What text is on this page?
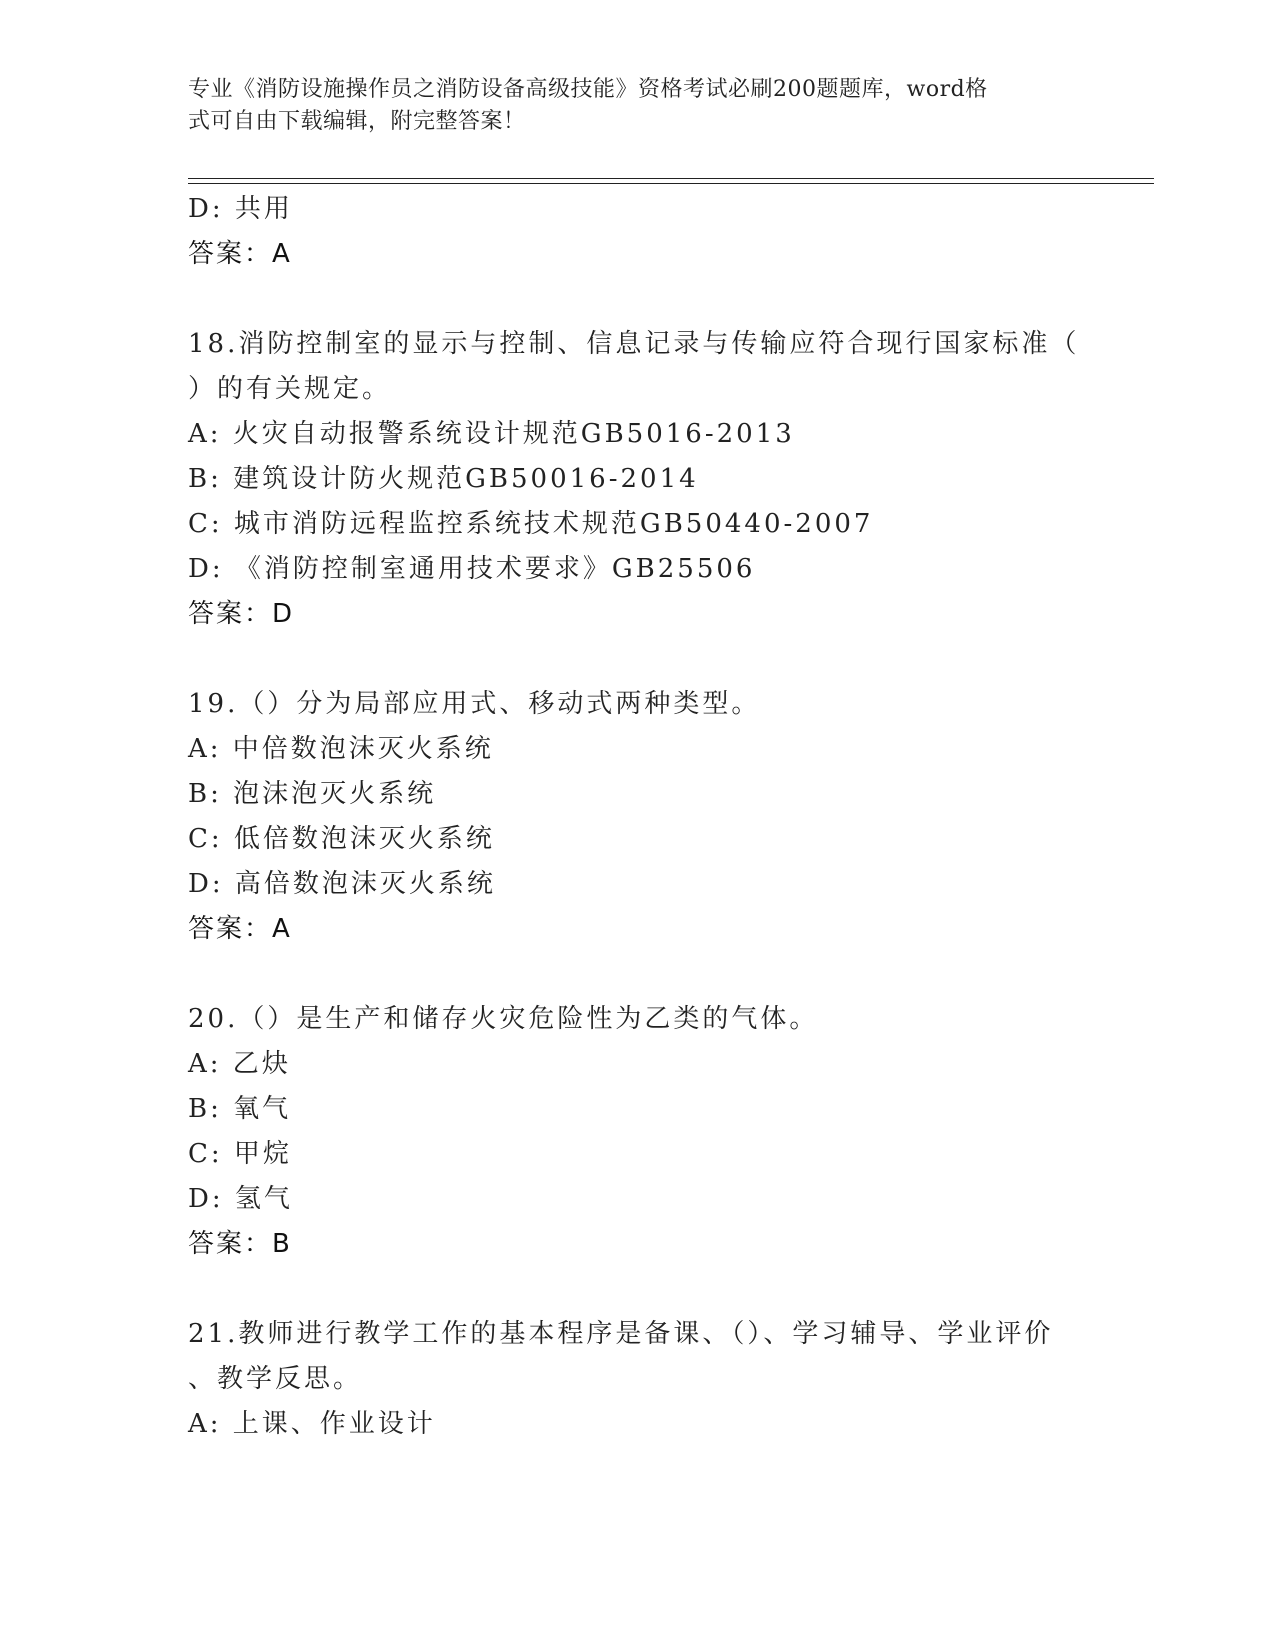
专业《消防设施操作员之消防设备高级技能》资格考试必刷200题题库，word格
式可自由下载编辑，附完整答案！
D: 共用
答案：A
18.消防控制室的显示与控制、信息记录与传输应符合现行国家标准（
）的有关规定。
A: 火灾自动报警系统设计规范GB5016-2013
B: 建筑设计防火规范GB50016-2014
C: 城市消防远程监控系统技术规范GB50440-2007
D: 《消防控制室通用技术要求》GB25506
答案：D
19.（）分为局部应用式、移动式两种类型。
A: 中倍数泡沫灭火系统
B: 泡沫泡灭火系统
C: 低倍数泡沫灭火系统
D: 高倍数泡沫灭火系统
答案：A
20.（）是生产和储存火灾危险性为乙类的气体。
A: 乙炔
B: 氧气
C: 甲烷
D: 氢气
答案：B
21.教师进行教学工作的基本程序是备课、（）、学习辅导、学业评价
、教学反思。
A: 上课、作业设计
